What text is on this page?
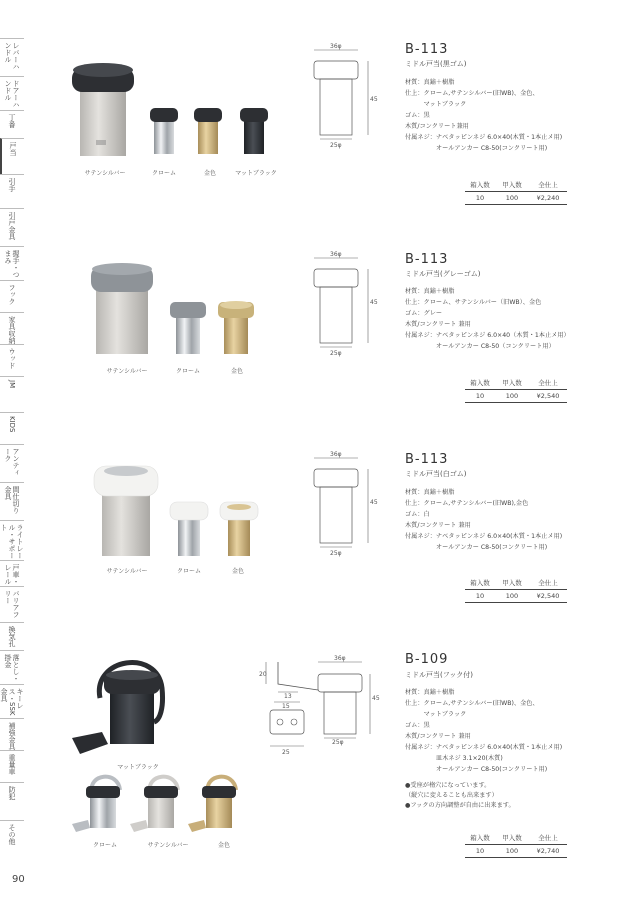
レバーハンドル
ドアーハンドル
丁番
戸当
引手
引戸金具
握手・つまみ
フック
家具収納
ウッド
JM
KIDS
アンティーク
間仕切り金具
ライトレール・サポート
戸車・レール
バリアフリー
換気孔
落とし・掛金
キーレス・SSK金具
補強金具
重量車
防犯
その他
90
サテンシルバー	クローム	金色	マットブラック
36φ
45
25φ
B-113
ミドル戸当(黒ゴム)
材質：真鍮＋樹脂
仕上：クローム,サテンシルバー(旧WB)、金色、
　　　マットブラック
ゴム：黒
木質/コンクリート兼用
付属ネジ：ナベタッピンネジ 6.0×40(木質・1本止メ用)
　　　　　オールアンカー C8-50(コンクリート用)
箱入数	甲入数	全仕上
10	100	¥2,240
サテンシルバー	クローム	金色
36φ
45
25φ
B-113
ミドル戸当(グレーゴム)
材質：真鍮＋樹脂
仕上：クローム、サテンシルバー（旧WB）、金色
ゴム：グレー
木質/コンクリート 兼用
付属ネジ：ナベタッピンネジ 6.0×40（木質・1本止メ用）
　　　　　オールアンカー C8-50（コンクリート用）
箱入数	甲入数	全仕上
10	100	¥2,540
サテンシルバー	クローム	金色
36φ
45
25φ
B-113
ミドル戸当(白ゴム)
材質：真鍮＋樹脂
仕上：クローム,サテンシルバー(旧WB),金色
ゴム：白
木質/コンクリート 兼用
付属ネジ：ナベタッピンネジ 6.0×40(木質・1本止メ用)
　　　　　オールアンカー C8-50(コンクリート用)
箱入数	甲入数	全仕上
10	100	¥2,540
マットブラック
クローム	サテンシルバー	金色
20
13
15
25
36φ
45
25φ
B-109
ミドル戸当(フック付)
材質：真鍮＋樹脂
仕上：クローム,サテンシルバー(旧WB)、金色、
　　　マットブラック
ゴム：黒
木質/コンクリート 兼用
付属ネジ：ナベタッピンネジ 6.0×40(木質・1本止メ用)
　　　　　皿木ネジ 3.1×20(木質)
　　　　　オールアンカー C8-50(コンクリート用)
●受座が楕穴になっています。
（縦穴に変えることも出来ます）
●フックの方向調整が自由に出来ます。
箱入数	甲入数	全仕上
10	100	¥2,740
